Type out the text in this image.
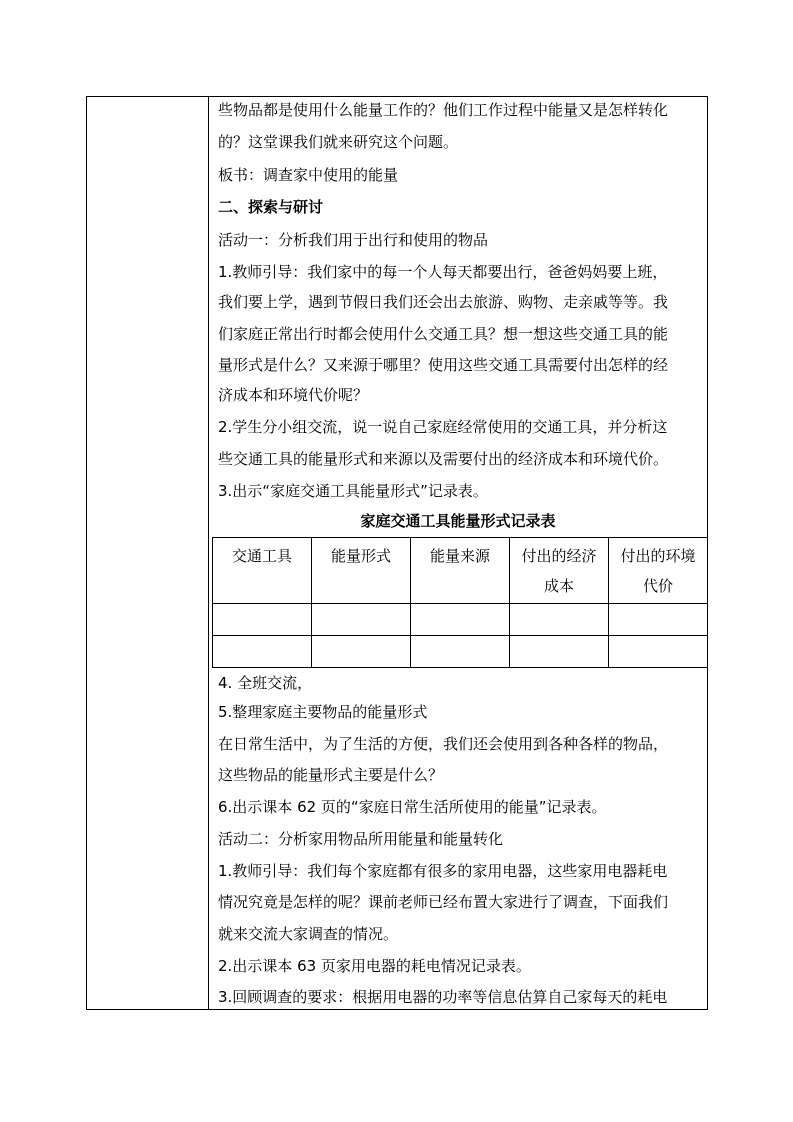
些物品都是使用什么能量工作的？他们工作过程中能量又是怎样转化
的？这堂课我们就来研究这个问题。
板书：调查家中使用的能量
二、探索与研讨
活动一：分析我们用于出行和使用的物品
1.教师引导：我们家中的每一个人每天都要出行，爸爸妈妈要上班，
我们要上学，遇到节假日我们还会出去旅游、购物、走亲戚等等。我
们家庭正常出行时都会使用什么交通工具？想一想这些交通工具的能
量形式是什么？又来源于哪里？使用这些交通工具需要付出怎样的经
济成本和环境代价呢？
2.学生分小组交流，说一说自己家庭经常使用的交通工具，并分析这
些交通工具的能量形式和来源以及需要付出的经济成本和环境代价。
3.出示“家庭交通工具能量形式”记录表。
家庭交通工具能量形式记录表
交通工具	能量形式	能量来源	付出的经济成本	付出的环境代价

4. 全班交流，
5.整理家庭主要物品的能量形式
在日常生活中，为了生活的方便，我们还会使用到各种各样的物品，
这些物品的能量形式主要是什么？
6.出示课本 62 页的“家庭日常生活所使用的能量”记录表。
活动二：分析家用物品所用能量和能量转化
1.教师引导：我们每个家庭都有很多的家用电器，这些家用电器耗电
情况究竟是怎样的呢？课前老师已经布置大家进行了调查，下面我们
就来交流大家调查的情况。
2.出示课本 63 页家用电器的耗电情况记录表。
3.回顾调查的要求：根据用电器的功率等信息估算自己家每天的耗电
